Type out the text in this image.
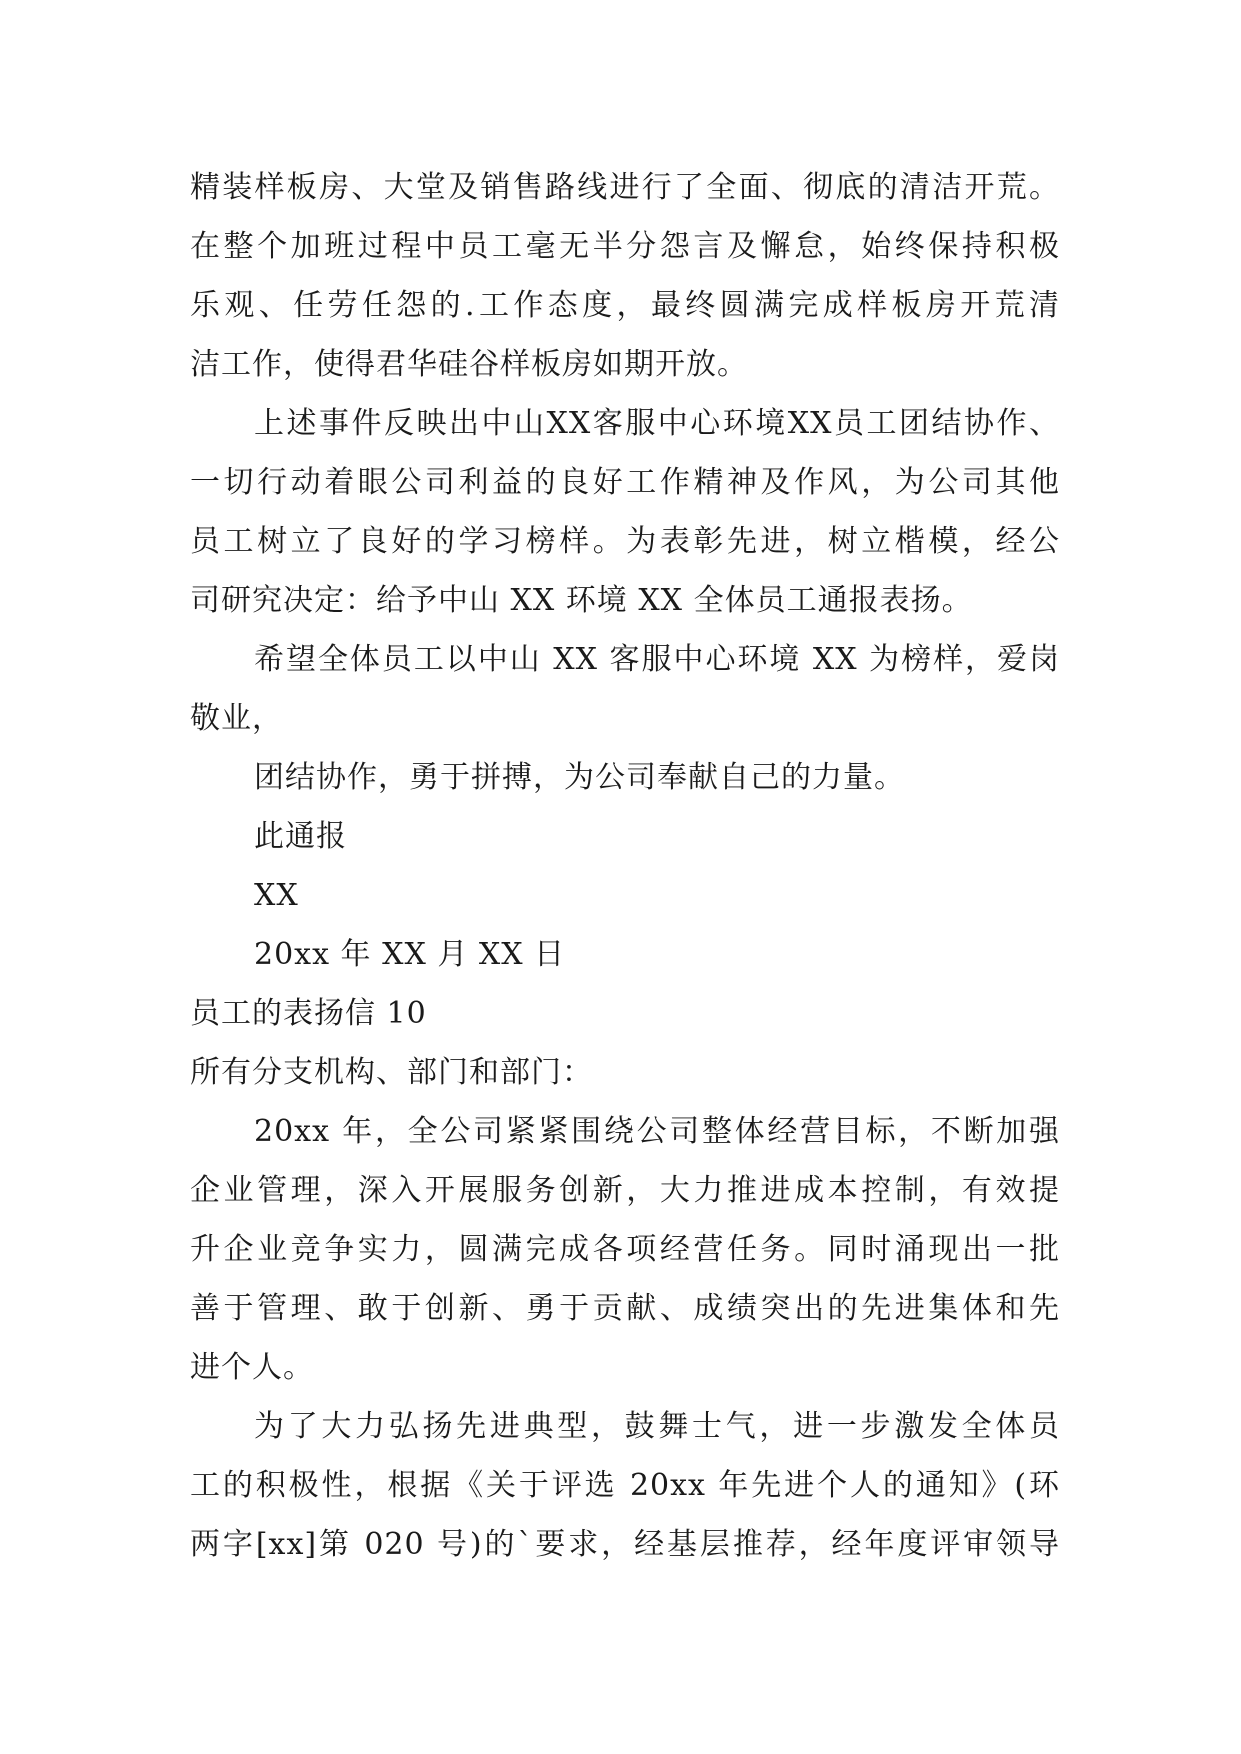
精装样板房、大堂及销售路线进行了全面、彻底的清洁开荒。
在整个加班过程中员工毫无半分怨言及懈怠，始终保持积极
乐观、任劳任怨的.工作态度，最终圆满完成样板房开荒清
洁工作，使得君华硅谷样板房如期开放。
上述事件反映出中山XX客服中心环境XX员工团结协作、
一切行动着眼公司利益的良好工作精神及作风，为公司其他
员工树立了良好的学习榜样。为表彰先进，树立楷模，经公
司研究决定：给予中山 XX 环境 XX 全体员工通报表扬。
希望全体员工以中山 XX 客服中心环境 XX 为榜样，爱岗
敬业，
团结协作，勇于拼搏，为公司奉献自己的力量。
此通报
XX
20xx 年 XX 月 XX 日
员工的表扬信 10
所有分支机构、部门和部门：
20xx 年，全公司紧紧围绕公司整体经营目标，不断加强
企业管理，深入开展服务创新，大力推进成本控制，有效提
升企业竞争实力，圆满完成各项经营任务。同时涌现出一批
善于管理、敢于创新、勇于贡献、成绩突出的先进集体和先
进个人。
为了大力弘扬先进典型，鼓舞士气，进一步激发全体员
工的积极性，根据《关于评选 20xx 年先进个人的通知》(环
两字[xx]第 020 号)的`要求，经基层推荐，经年度评审领导
